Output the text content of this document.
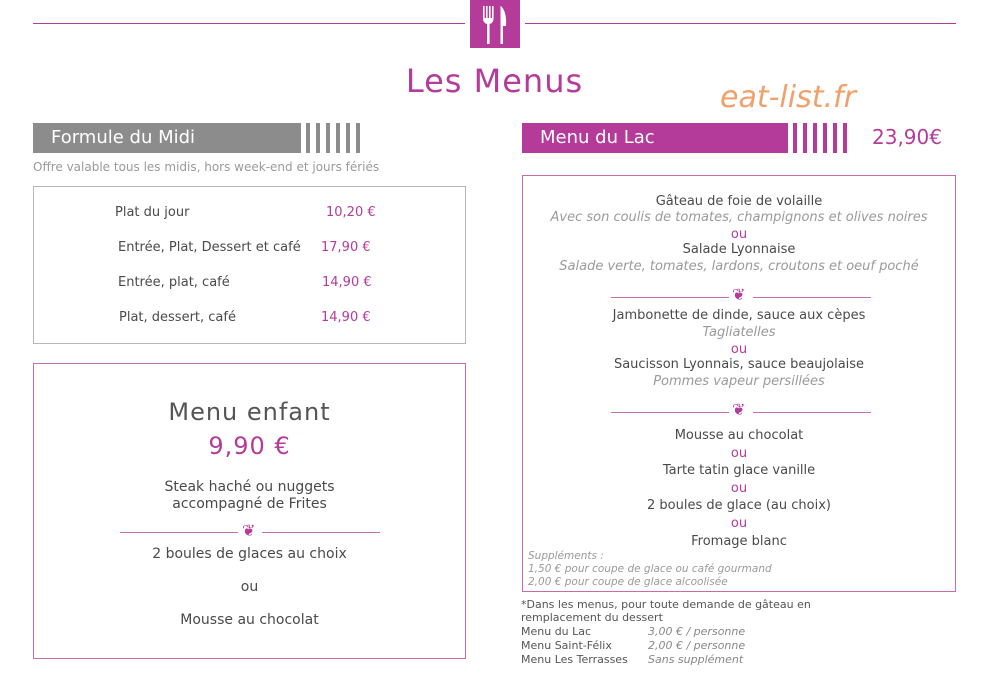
Les Menus	eat-list.fr
Formule du Midi
Offre valable tous les midis, hors week-end et jours fériés
Plat du jour	10,20 €
Entrée, Plat, Dessert et café 17,90 €
Entrée, plat, café	14,90 €
Plat, dessert, café	14,90 €
Menu enfant
9,90 €
Steak haché ou nuggets
accompagné de Frites
❦
2 boules de glaces au choix
ou
Mousse au chocolat
Menu du Lac	23,90€
Gâteau de foie de volaille
Avec son coulis de tomates, champignons et olives noires
ou
Salade Lyonnaise
Salade verte, tomates, lardons, croutons et oeuf poché
❦
Jambonette de dinde, sauce aux cèpes
Tagliatelles
ou
Saucisson Lyonnais, sauce beaujolaise
Pommes vapeur persillées
❦
Mousse au chocolat
ou
Tarte tatin glace vanille
ou
2 boules de glace (au choix)
ou
Fromage blanc
Suppléments :
1,50 € pour coupe de glace ou café gourmand
2,00 € pour coupe de glace alcoolisée
*Dans les menus, pour toute demande de gâteau en
remplacement du dessert
Menu du Lac	3,00 € / personne
Menu Saint-Félix	2,00 € / personne
Menu Les Terrasses Sans supplément
